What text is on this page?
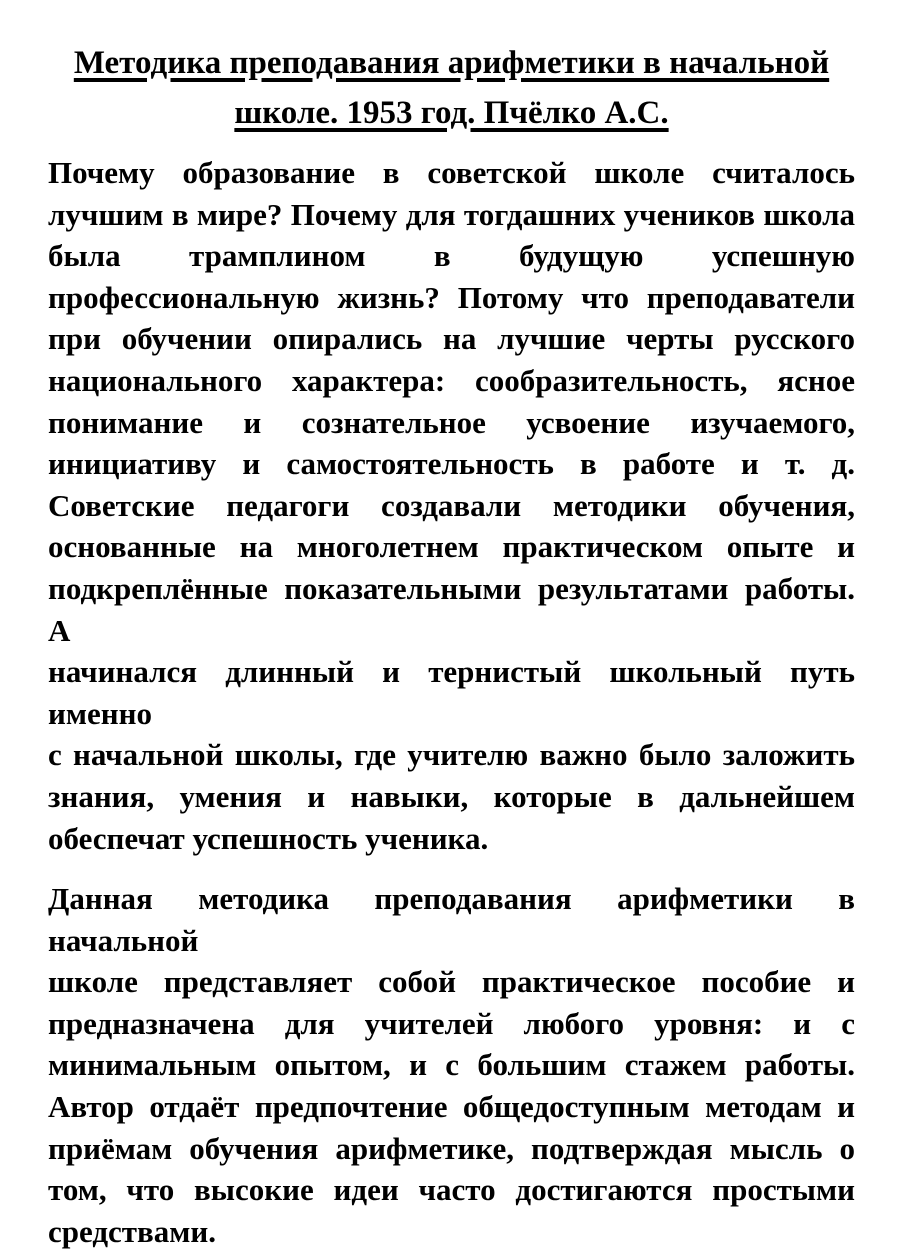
Методика преподавания арифметики в начальной
школе. 1953 год. Пчёлко А.С.
Почему образование в советской школе считалось
лучшим в мире? Почему для тогдашних учеников школа
была трамплином в будущую успешную
профессиональную жизнь? Потому что преподаватели
при обучении опирались на лучшие черты русского
национального характера: сообразительность, ясное
понимание и сознательное усвоение изучаемого,
инициативу и самостоятельность в работе и т. д.
Советские педагоги создавали методики обучения,
основанные на многолетнем практическом опыте и
подкреплённые показательными результатами работы. А
начинался длинный и тернистый школьный путь именно
с начальной школы, где учителю важно было заложить
знания, умения и навыки, которые в дальнейшем
обеспечат успешность ученика.
Данная методика преподавания арифметики в начальной
школе представляет собой практическое пособие и
предназначена для учителей любого уровня: и с
минимальным опытом, и с большим стажем работы.
Автор отдаёт предпочтение общедоступным методам и
приёмам обучения арифметике, подтверждая мысль о
том, что высокие идеи часто достигаются простыми
средствами.
